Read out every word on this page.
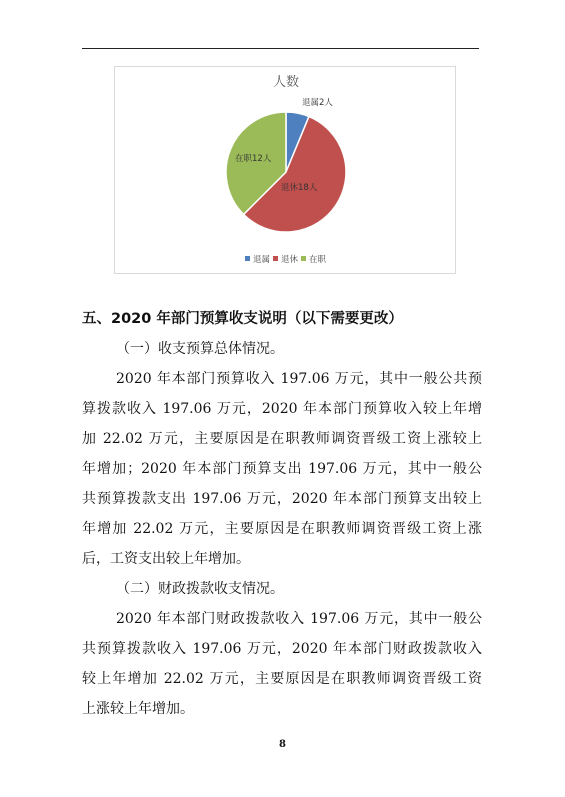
人数
退属2人
退休18人
在职12人
退属 退休 在职
五、2020 年部门预算收支说明（以下需要更改）
（一）收支预算总体情况。
2020 年本部门预算收入 197.06 万元，其中一般公共预
算拨款收入 197.06 万元，2020 年本部门预算收入较上年增
加 22.02 万元，主要原因是在职教师调资晋级工资上涨较上
年增加；2020 年本部门预算支出 197.06 万元，其中一般公
共预算拨款支出 197.06 万元，2020 年本部门预算支出较上
年增加 22.02 万元，主要原因是在职教师调资晋级工资上涨
后，工资支出较上年增加。
（二）财政拨款收支情况。
2020 年本部门财政拨款收入 197.06 万元，其中一般公
共预算拨款收入 197.06 万元，2020 年本部门财政拨款收入
较上年增加 22.02 万元，主要原因是在职教师调资晋级工资
上涨较上年增加。
8
